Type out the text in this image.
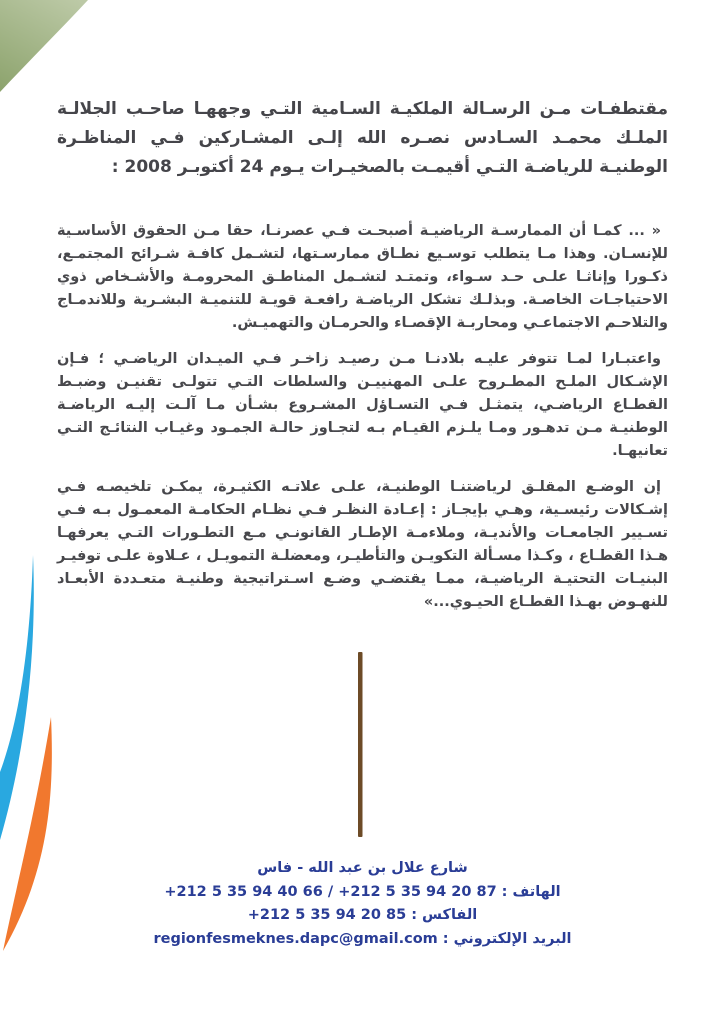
مقتطفـات مـن الرسـالة الملكيـة السـامية التـي وجههـا صاحـب الجلالـة الملـك محمـد السـادس نصـره الله إلـى المشـاركين فـي المناظـرة الوطنيـة للرياضـة التـي أقيمـت بالصخيـرات يـوم 24 أكتوبـر 2008 :

« ... كمـا أن الممارسـة الرياضيـة أصبحـت فـي عصرنـا، حقا مـن الحقوق الأساسـية للإنسـان. وهذا مـا يتطلب توسـيع نطـاق ممارسـتها، لتشـمل كافـة شـرائح المجتمـع، ذكـورا وإناثـا علـى حـد سـواء، وتمتـد لتشـمل المناطـق المحرومـة والأشـخاص ذوي الاحتياجـات الخاصـة. وبذلـك تشكل الرياضـة رافعـة قويـة للتنميـة البشـرية وللاندمـاج والتلاحـم الاجتماعـي ومحاربـة الإقصـاء والحرمـان والتهميـش.

واعتبـارا لمـا تتوفر عليـه بلادنـا مـن رصيـد زاخـر فـي الميـدان الرياضـي ؛ فـإن الإشـكال الملـح المطـروح علـى المهنييـن والسلطات التـي تتولـى تقنيـن وضبـط القطـاع الرياضـي، يتمثـل فـي التسـاؤل المشـروع بشـأن مـا آلـت إليـه الرياضـة الوطنيـة مـن تدهـور ومـا يلـزم القيـام بـه لتجـاوز حالـة الجمـود وغيـاب النتائـج التـي تعانيهـا.

إن الوضـع المقلـق لرياضتنـا الوطنيـة، علـى علاتـه الكثيـرة، يمكـن تلخيصـه فـي إشـكالات رئيسـية، وهـي بإيجـاز : إعـادة النظـر فـي نظـام الحكامـة المعمـول بـه فـي تسـيير الجامعـات والأنديـة، وملاءمـة الإطـار القانونـي مـع التطـورات التـي يعرفهـا هـذا القطـاع ، وكـذا مسـألة التكويـن والتأطيـر، ومعضلـة التمويـل ، عـلاوة علـى توفيـر البنيـات التحتيـة الرياضيـة، ممـا يقتضـي وضـع اسـتراتيجية وطنيـة متعـددة الأبعـاد للنهـوض بهـذا القطـاع الحيـوي...»

شارع علال بن عبد الله - فاس
الهاتف:+212 5 35 94 40 66 / +212 5 35 94 20 87
الفاكس:+212 5 35 94 20 85
البريد الإلكتروني:regionfesmeknes.dapc@gmail.com
